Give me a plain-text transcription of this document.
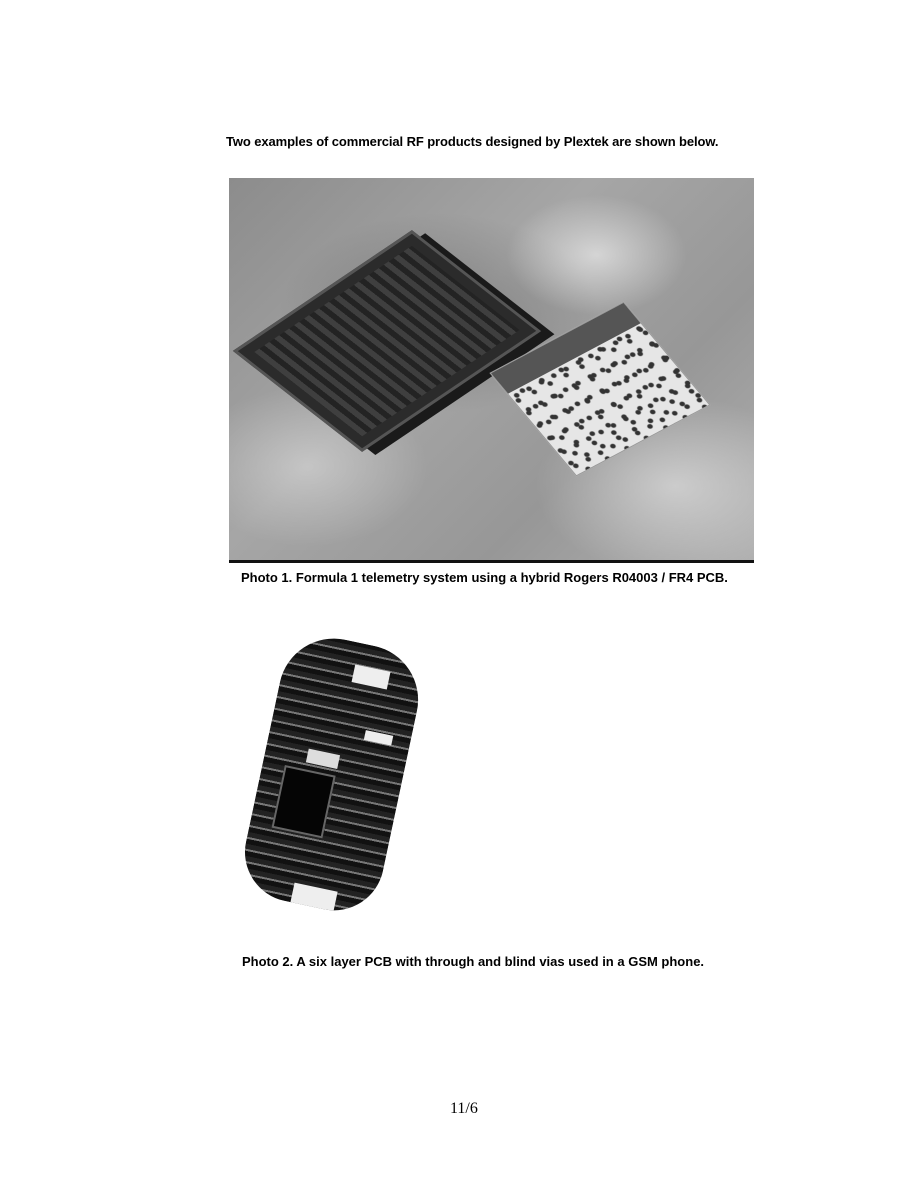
Two examples of commercial RF products designed by Plextek are shown below.
Photo 1. Formula 1 telemetry system using a hybrid Rogers R04003 / FR4 PCB.
Photo 2. A six layer PCB with through and blind vias used in a GSM phone.
11/6
